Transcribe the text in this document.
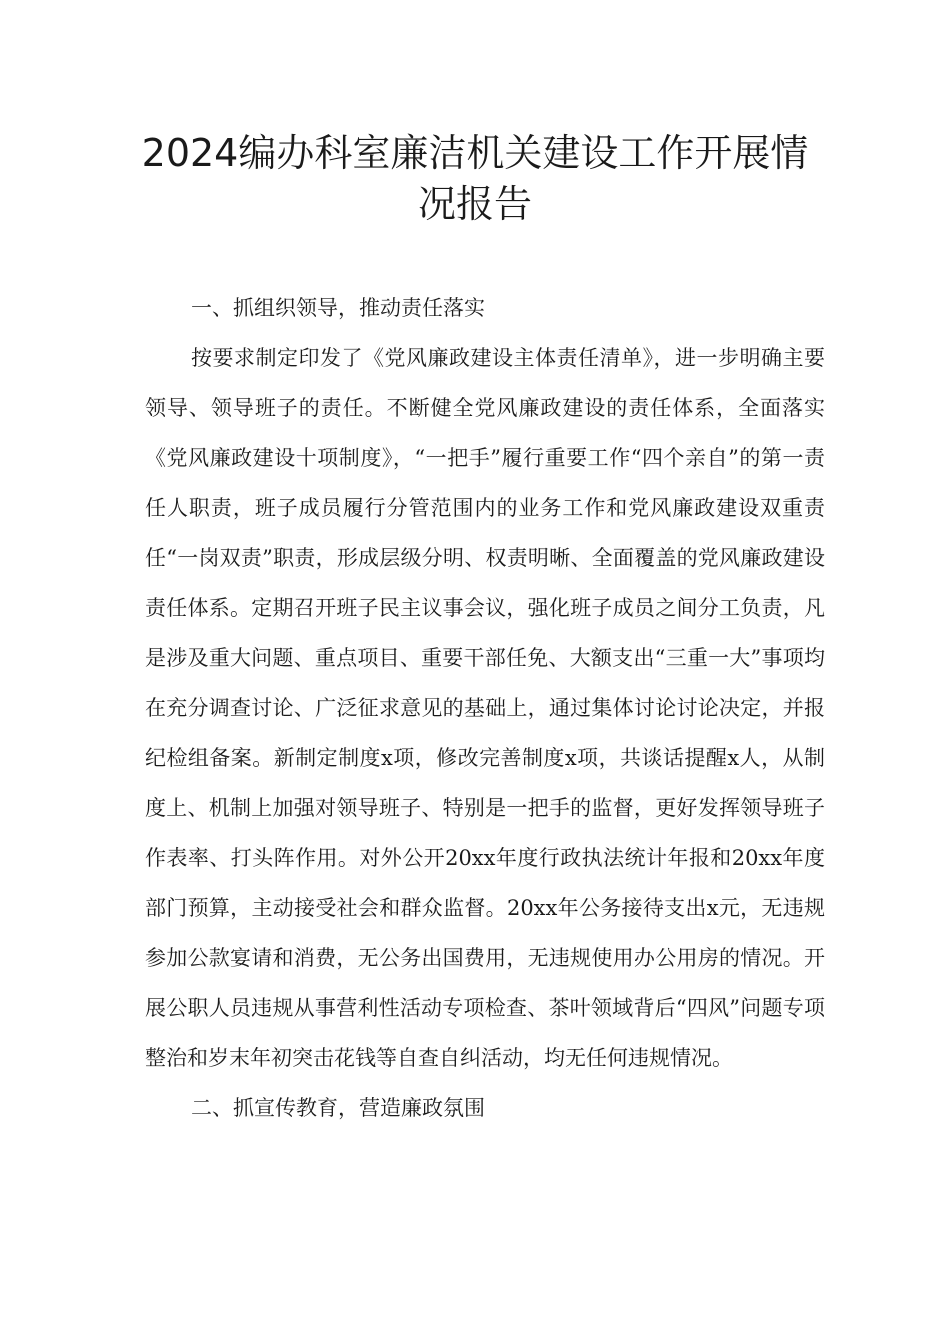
2024编办科室廉洁机关建设工作开展情
况报告
一、抓组织领导，推动责任落实

按要求制定印发了《党风廉政建设主体责任清单》，进一步明确主要领导、领导班子的责任。不断健全党风廉政建设的责任体系，全面落实《党风廉政建设十项制度》，“一把手”履行重要工作“四个亲自”的第一责任人职责，班子成员履行分管范围内的业务工作和党风廉政建设双重责任“一岗双责”职责，形成层级分明、权责明晰、全面覆盖的党风廉政建设责任体系。定期召开班子民主议事会议，强化班子成员之间分工负责，凡是涉及重大问题、重点项目、重要干部任免、大额支出“三重一大”事项均在充分调查讨论、广泛征求意见的基础上，通过集体讨论讨论决定，并报纪检组备案。新制定制度x项，修改完善制度x项，共谈话提醒x人，从制度上、机制上加强对领导班子、特别是一把手的监督，更好发挥领导班子作表率、打头阵作用。对外公开20xx年度行政执法统计年报和20xx年度部门预算，主动接受社会和群众监督。20xx年公务接待支出x元，无违规参加公款宴请和消费，无公务出国费用，无违规使用办公用房的情况。开展公职人员违规从事营利性活动专项检查、茶叶领域背后“四风”问题专项整治和岁末年初突击花钱等自查自纠活动，均无任何违规情况。

二、抓宣传教育，营造廉政氛围
